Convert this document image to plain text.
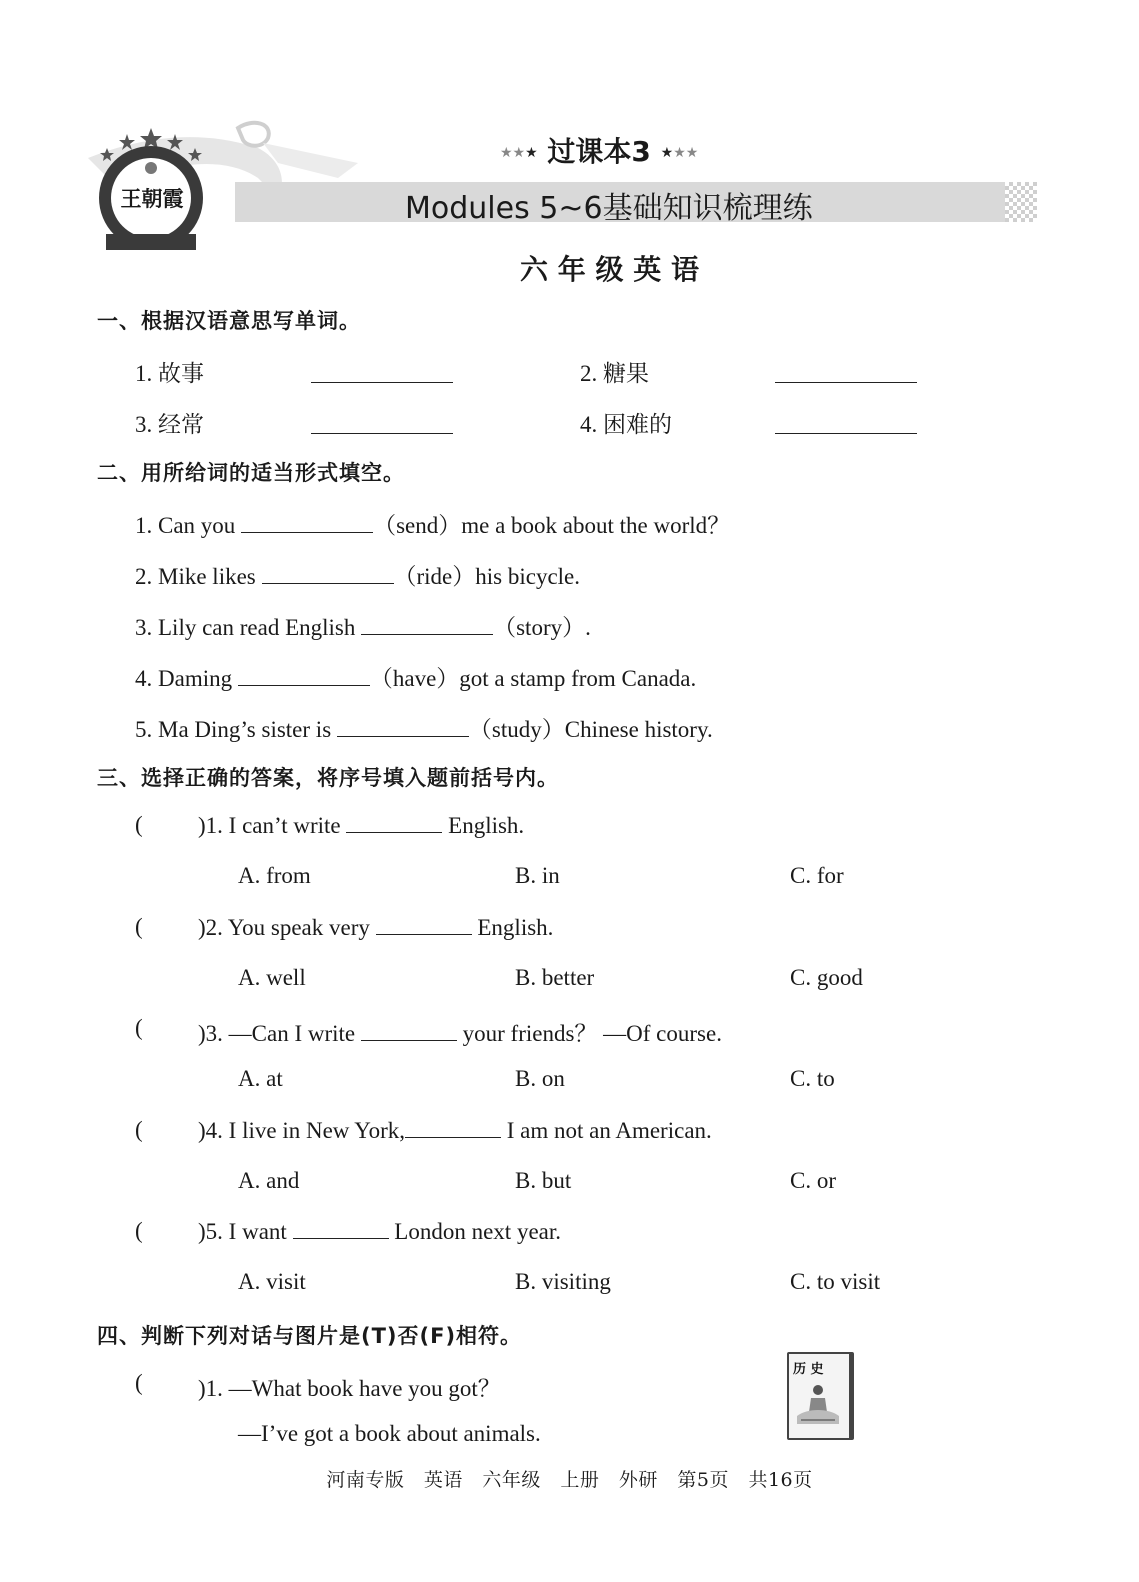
王朝霞
★★★ 过课本3 ★★★
Modules 5~6基础知识梳理练
六 年 级 英 语
一、根据汉语意思写单词。
1. 故事	2. 糖果
3. 经常	4. 困难的
二、用所给词的适当形式填空。
1. Can you	（send）me a book about the world？
2. Mike likes	（ride）his bicycle.
3. Lily can read English	（story）.
4. Daming	（have）got a stamp from Canada.
5. Ma Ding’s sister is	（study）Chinese history.
三、选择正确的答案，将序号填入题前括号内。
( )1. I can’t write	English.
A. from	B. in	C. for
( )2. You speak very	English.
A. well	B. better	C. good
( )3. —Can I write	your friends？ —Of course.
A. at	B. on	C. to
( )4. I live in New York,	I am not an American.
A. and	B. but	C. or
( )5. I want	London next year.
A. visit	B. visiting	C. to visit
四、判断下列对话与图片是(T)否(F)相符。
( )1. —What book have you got？
—I’ve got a book about animals.
历 史
河南专版　英语　六年级　上册　外研　第5页　共16页
